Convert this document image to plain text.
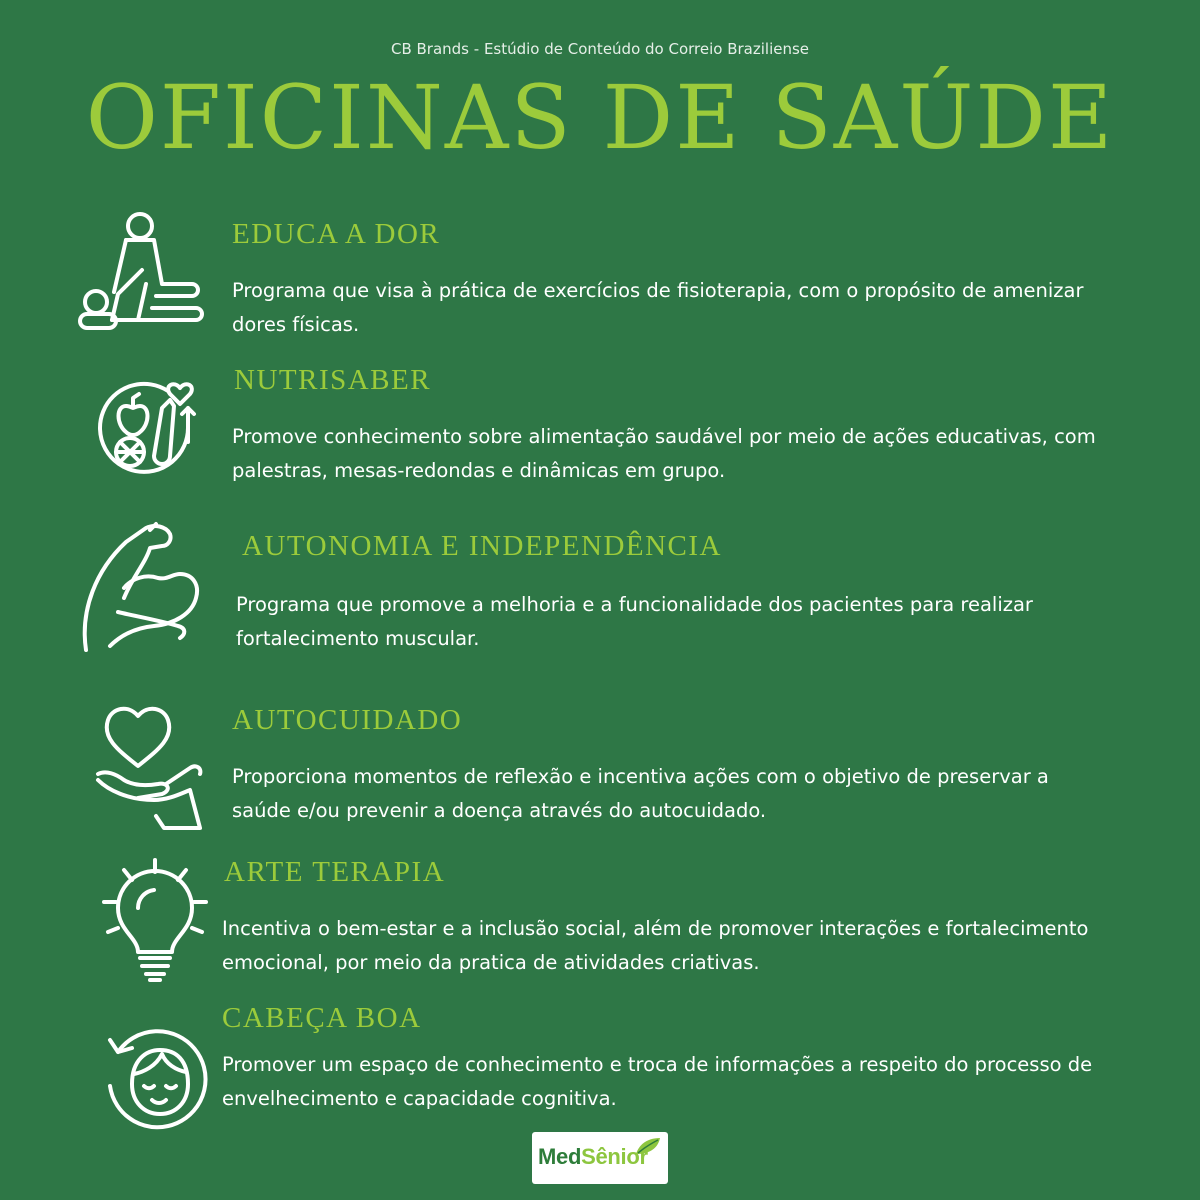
CB Brands - Estúdio de Conteúdo do Correio Braziliense
OFICINAS DE SAÚDE
EDUCA A DOR

Programa que visa à prática de exercícios de fisioterapia, com o propósito de amenizar dores físicas.

NUTRISABER

Promove conhecimento sobre alimentação saudável por meio de ações educativas, com palestras, mesas-redondas e dinâmicas em grupo.

AUTONOMIA E INDEPENDÊNCIA

Programa que promove a melhoria e a funcionalidade dos pacientes para realizar fortalecimento muscular.

AUTOCUIDADO

Proporciona momentos de reflexão e incentiva ações com o objetivo de preservar a saúde e/ou prevenir a doença através do autocuidado.

ARTE TERAPIA

Incentiva o bem-estar e a inclusão social, além de promover interações e fortalecimento emocional, por meio da pratica de atividades criativas.

CABEÇA BOA

Promover um espaço de conhecimento e troca de informações a respeito do processo de envelhecimento e capacidade cognitiva.

MedSênior
